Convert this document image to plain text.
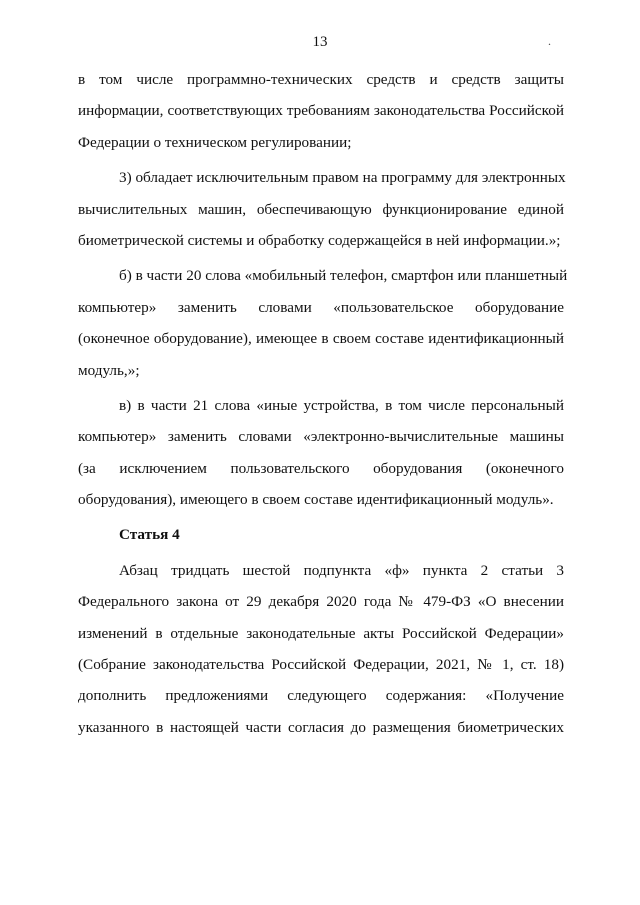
13	.
в том числе программно-технических средств и средств защиты
информации, соответствующих требованиям законодательства Российской
Федерации о техническом регулировании;
3) обладает исключительным правом на программу для электронных
вычислительных машин, обеспечивающую функционирование единой
биометрической системы и обработку содержащейся в ней информации.»;
б) в части 20 слова «мобильный телефон, смартфон или планшетный
компьютер» заменить словами «пользовательское оборудование
(оконечное оборудование), имеющее в своем составе идентификационный
модуль,»;
в) в части 21 слова «иные устройства, в том числе персональный
компьютер» заменить словами «электронно-вычислительные машины
(за исключением пользовательского оборудования (оконечного
оборудования), имеющего в своем составе идентификационный модуль».
Статья 4
Абзац тридцать шестой подпункта «ф» пункта 2 статьи 3
Федерального закона от 29 декабря 2020 года № 479-ФЗ «О внесении
изменений в отдельные законодательные акты Российской Федерации»
(Собрание законодательства Российской Федерации, 2021, № 1, ст. 18)
дополнить предложениями следующего содержания: «Получение
указанного в настоящей части согласия до размещения биометрических
